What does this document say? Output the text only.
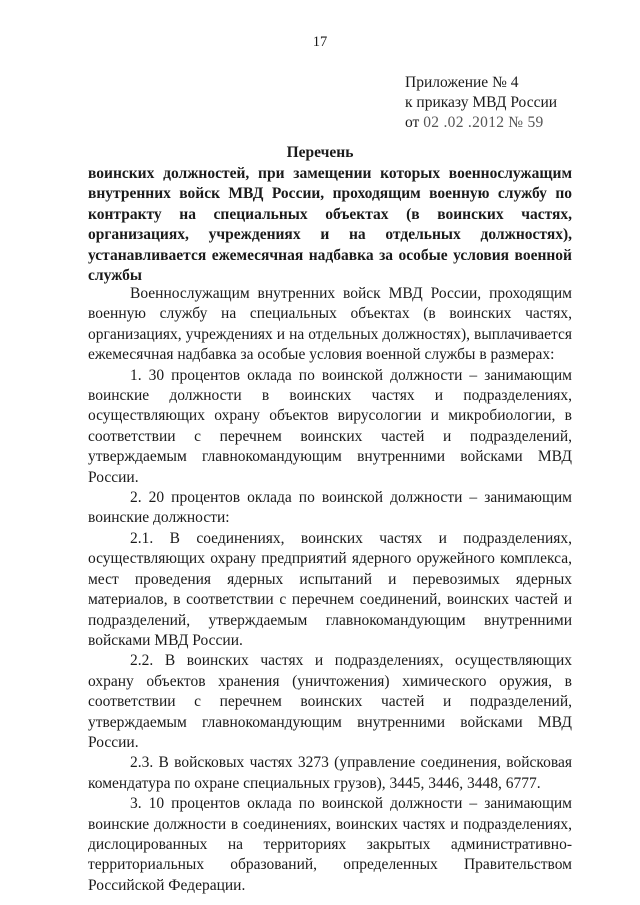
17
Приложение № 4
к приказу МВД России
от 02 .02 .2012 № 59
Перечень
воинских должностей, при замещении которых военнослужащим внутренних войск МВД России, проходящим военную службу по контракту на специальных объектах (в воинских частях, организациях, учреждениях и на отдельных должностях), устанавливается ежемесячная надбавка за особые условия военной службы

Военнослужащим внутренних войск МВД России, проходящим военную службу на специальных объектах (в воинских частях, организациях, учреждениях и на отдельных должностях), выплачивается ежемесячная надбавка за особые условия военной службы в размерах:

1. 30 процентов оклада по воинской должности – занимающим воинские должности в воинских частях и подразделениях, осуществляющих охрану объектов вирусологии и микробиологии, в соответствии с перечнем воинских частей и подразделений, утверждаемым главнокомандующим внутренними войсками МВД России.

2. 20 процентов оклада по воинской должности – занимающим воинские должности:

2.1. В соединениях, воинских частях и подразделениях, осуществляющих охрану предприятий ядерного оружейного комплекса, мест проведения ядерных испытаний и перевозимых ядерных материалов, в соответствии с перечнем соединений, воинских частей и подразделений, утверждаемым главнокомандующим внутренними войсками МВД России.

2.2. В воинских частях и подразделениях, осуществляющих охрану объектов хранения (уничтожения) химического оружия, в соответствии с перечнем воинских частей и подразделений, утверждаемым главнокомандующим внутренними войсками МВД России.

2.3. В войсковых частях 3273 (управление соединения, войсковая комендатура по охране специальных грузов), 3445, 3446, 3448, 6777.

3. 10 процентов оклада по воинской должности – занимающим воинские должности в соединениях, воинских частях и подразделениях, дислоцированных на территориях закрытых административно-территориальных образований, определенных Правительством Российской Федерации.
